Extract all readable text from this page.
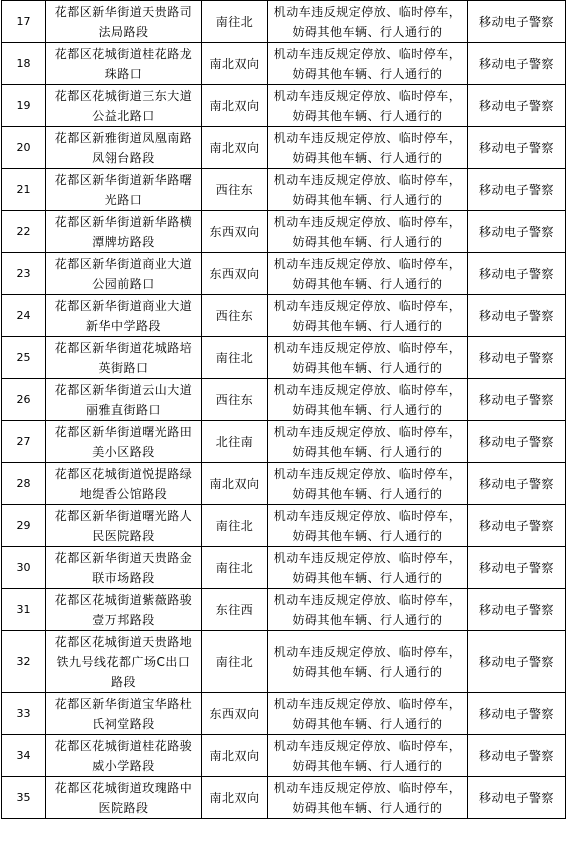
17	花都区新华街道天贵路司法局路段	南往北	机动车违反规定停放、临时停车，妨碍其他车辆、行人通行的	移动电子警察
18	花都区花城街道桂花路龙珠路口	南北双向	机动车违反规定停放、临时停车，妨碍其他车辆、行人通行的	移动电子警察
19	花都区花城街道三东大道公益北路口	南北双向	机动车违反规定停放、临时停车，妨碍其他车辆、行人通行的	移动电子警察
20	花都区新雅街道凤凰南路凤翎台路段	南北双向	机动车违反规定停放、临时停车，妨碍其他车辆、行人通行的	移动电子警察
21	花都区新华街道新华路曙光路口	西往东	机动车违反规定停放、临时停车，妨碍其他车辆、行人通行的	移动电子警察
22	花都区新华街道新华路横潭牌坊路段	东西双向	机动车违反规定停放、临时停车，妨碍其他车辆、行人通行的	移动电子警察
23	花都区新华街道商业大道公园前路口	东西双向	机动车违反规定停放、临时停车，妨碍其他车辆、行人通行的	移动电子警察
24	花都区新华街道商业大道新华中学路段	西往东	机动车违反规定停放、临时停车，妨碍其他车辆、行人通行的	移动电子警察
25	花都区新华街道花城路培英街路口	南往北	机动车违反规定停放、临时停车，妨碍其他车辆、行人通行的	移动电子警察
26	花都区新华街道云山大道丽雅直街路口	西往东	机动车违反规定停放、临时停车，妨碍其他车辆、行人通行的	移动电子警察
27	花都区新华街道曙光路田美小区路段	北往南	机动车违反规定停放、临时停车，妨碍其他车辆、行人通行的	移动电子警察
28	花都区花城街道悦提路绿地缇香公馆路段	南北双向	机动车违反规定停放、临时停车，妨碍其他车辆、行人通行的	移动电子警察
29	花都区新华街道曙光路人民医院路段	南往北	机动车违反规定停放、临时停车，妨碍其他车辆、行人通行的	移动电子警察
30	花都区新华街道天贵路金联市场路段	南往北	机动车违反规定停放、临时停车，妨碍其他车辆、行人通行的	移动电子警察
31	花都区花城街道紫薇路骏壹万邦路段	东往西	机动车违反规定停放、临时停车，妨碍其他车辆、行人通行的	移动电子警察
32	花都区花城街道天贵路地铁九号线花都广场C出口路段	南往北	机动车违反规定停放、临时停车，妨碍其他车辆、行人通行的	移动电子警察
33	花都区新华街道宝华路杜氏祠堂路段	东西双向	机动车违反规定停放、临时停车，妨碍其他车辆、行人通行的	移动电子警察
34	花都区花城街道桂花路骏威小学路段	南北双向	机动车违反规定停放、临时停车，妨碍其他车辆、行人通行的	移动电子警察
35	花都区花城街道玫瑰路中医院路段	南北双向	机动车违反规定停放、临时停车，妨碍其他车辆、行人通行的	移动电子警察
